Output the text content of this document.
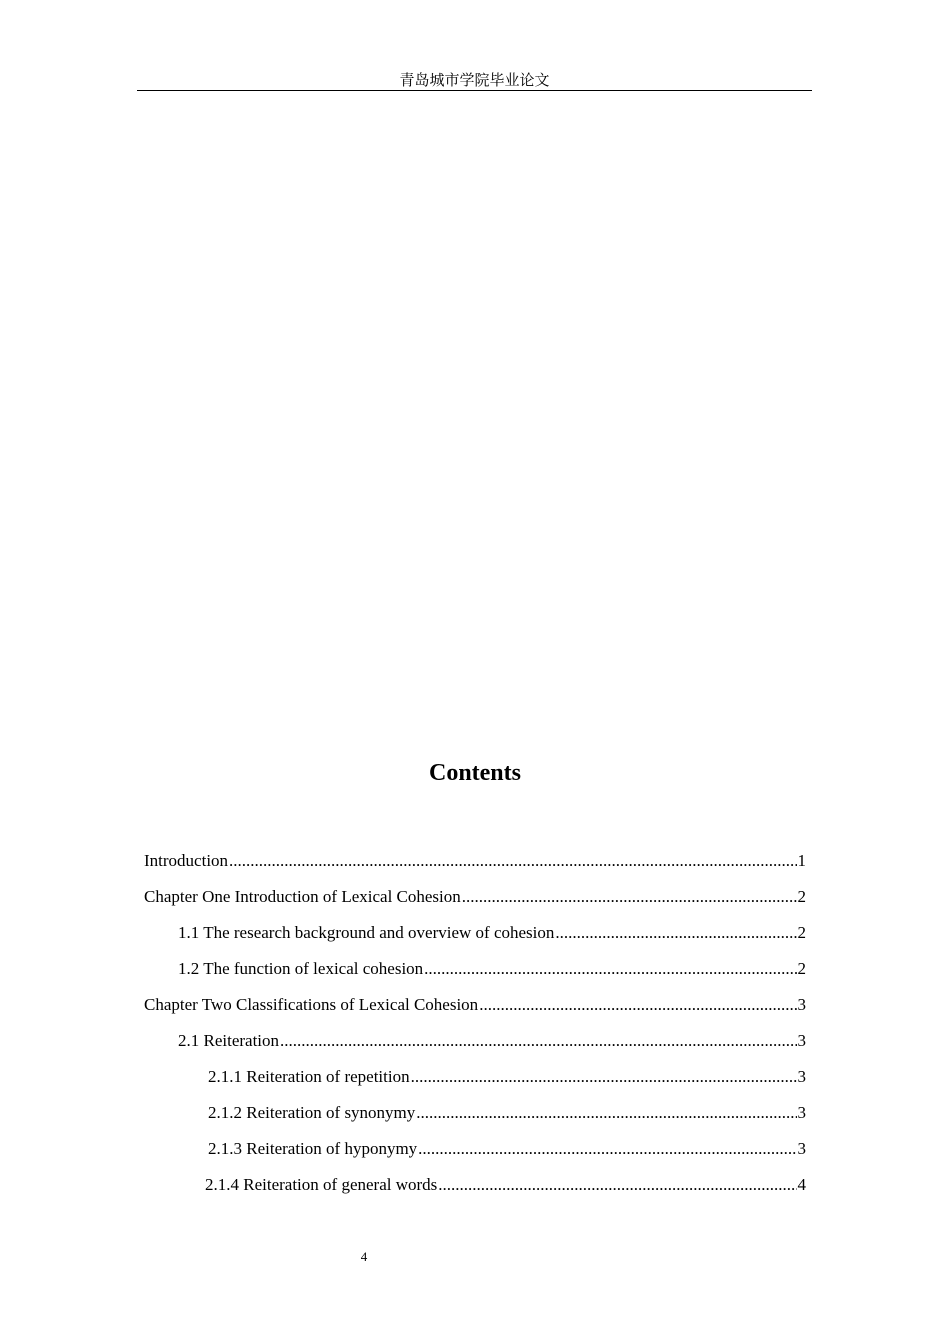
青岛城市学院毕业论文
Contents
Introduction .....	1
Chapter One Introduction of Lexical Cohesion .....	2
1.1 The research background and overview of cohesion .....	2
1.2 The function of lexical cohesion .....	2
Chapter Two Classifications of Lexical Cohesion .....	3
2.1 Reiteration .....	3
2.1.1 Reiteration of repetition .....	3
2.1.2 Reiteration of synonymy .....	3
2.1.3 Reiteration of hyponymy .....	3
2.1.4 Reiteration of general words .....	4
4
